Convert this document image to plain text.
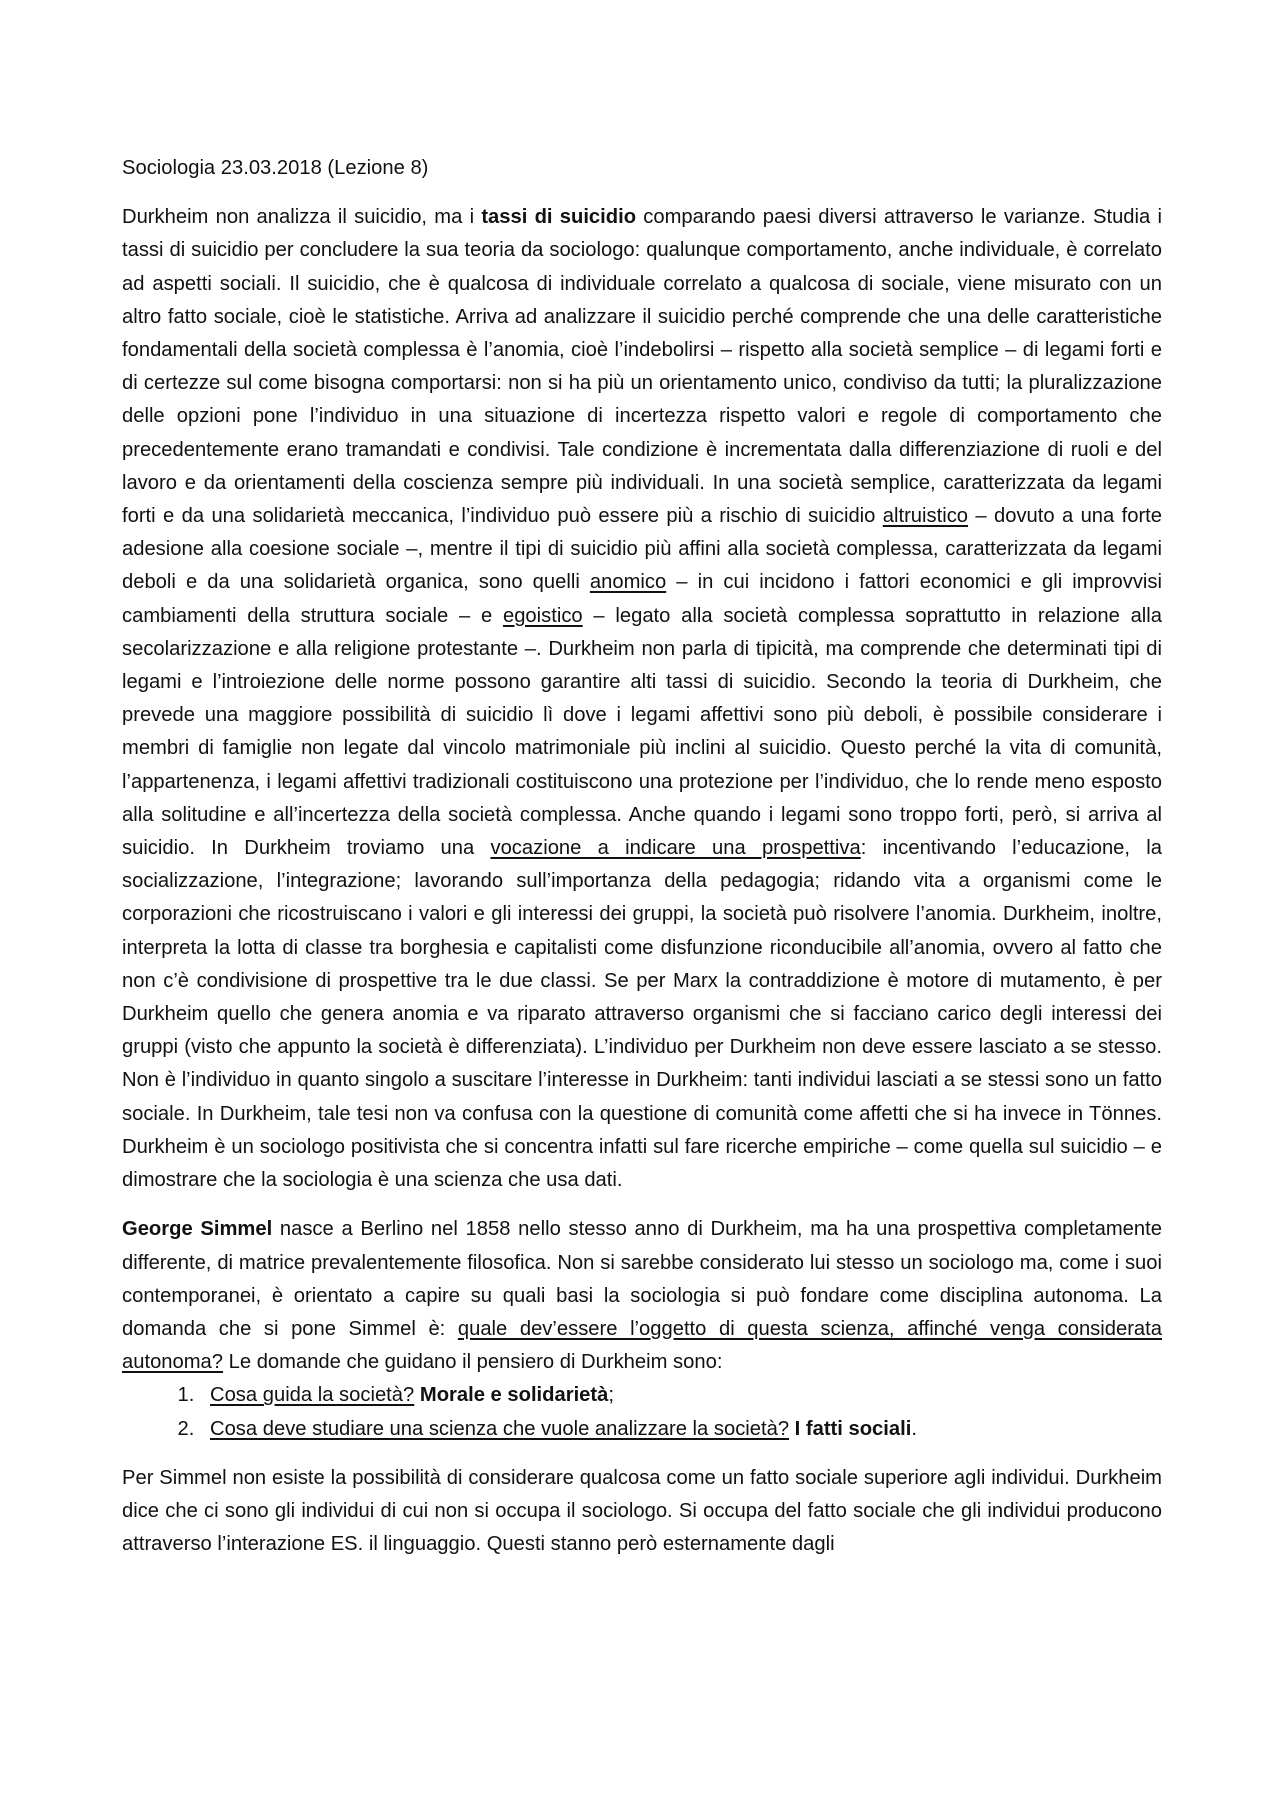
Sociologia 23.03.2018 (Lezione 8)

Durkheim non analizza il suicidio, ma i tassi di suicidio comparando paesi diversi attraverso le varianze. Studia i tassi di suicidio per concludere la sua teoria da sociologo: qualunque comportamento, anche individuale, è correlato ad aspetti sociali. Il suicidio, che è qualcosa di individuale correlato a qualcosa di sociale, viene misurato con un altro fatto sociale, cioè le statistiche. Arriva ad analizzare il suicidio perché comprende che una delle caratteristiche fondamentali della società complessa è l’anomia, cioè l’indebolirsi – rispetto alla società semplice – di legami forti e di certezze sul come bisogna comportarsi: non si ha più un orientamento unico, condiviso da tutti; la pluralizzazione delle opzioni pone l’individuo in una situazione di incertezza rispetto valori e regole di comportamento che precedentemente erano tramandati e condivisi. Tale condizione è incrementata dalla differenziazione di ruoli e del lavoro e da orientamenti della coscienza sempre più individuali. In una società semplice, caratterizzata da legami forti e da una solidarietà meccanica, l’individuo può essere più a rischio di suicidio altruistico – dovuto a una forte adesione alla coesione sociale –, mentre il tipi di suicidio più affini alla società complessa, caratterizzata da legami deboli e da una solidarietà organica, sono quelli anomico – in cui incidono i fattori economici e gli improvvisi cambiamenti della struttura sociale – e egoistico – legato alla società complessa soprattutto in relazione alla secolarizzazione e alla religione protestante –. Durkheim non parla di tipicità, ma comprende che determinati tipi di legami e l’introiezione delle norme possono garantire alti tassi di suicidio. Secondo la teoria di Durkheim, che prevede una maggiore possibilità di suicidio lì dove i legami affettivi sono più deboli, è possibile considerare i membri di famiglie non legate dal vincolo matrimoniale più inclini al suicidio. Questo perché la vita di comunità, l’appartenenza, i legami affettivi tradizionali costituiscono una protezione per l’individuo, che lo rende meno esposto alla solitudine e all’incertezza della società complessa. Anche quando i legami sono troppo forti, però, si arriva al suicidio. In Durkheim troviamo una vocazione a indicare una prospettiva: incentivando l’educazione, la socializzazione, l’integrazione; lavorando sull’importanza della pedagogia; ridando vita a organismi come le corporazioni che ricostruiscano i valori e gli interessi dei gruppi, la società può risolvere l’anomia. Durkheim, inoltre, interpreta la lotta di classe tra borghesia e capitalisti come disfunzione riconducibile all’anomia, ovvero al fatto che non c’è condivisione di prospettive tra le due classi. Se per Marx la contraddizione è motore di mutamento, è per Durkheim quello che genera anomia e va riparato attraverso organismi che si facciano carico degli interessi dei gruppi (visto che appunto la società è differenziata). L’individuo per Durkheim non deve essere lasciato a se stesso. Non è l’individuo in quanto singolo a suscitare l’interesse in Durkheim: tanti individui lasciati a se stessi sono un fatto sociale. In Durkheim, tale tesi non va confusa con la questione di comunità come affetti che si ha invece in Tönnes. Durkheim è un sociologo positivista che si concentra infatti sul fare ricerche empiriche – come quella sul suicidio – e dimostrare che la sociologia è una scienza che usa dati.

George Simmel nasce a Berlino nel 1858 nello stesso anno di Durkheim, ma ha una prospettiva completamente differente, di matrice prevalentemente filosofica. Non si sarebbe considerato lui stesso un sociologo ma, come i suoi contemporanei, è orientato a capire su quali basi la sociologia si può fondare come disciplina autonoma. La domanda che si pone Simmel è: quale dev’essere l’oggetto di questa scienza, affinché venga considerata autonoma? Le domande che guidano il pensiero di Durkheim sono:

1. Cosa guida la società? Morale e solidarietà;
2. Cosa deve studiare una scienza che vuole analizzare la società? I fatti sociali.

Per Simmel non esiste la possibilità di considerare qualcosa come un fatto sociale superiore agli individui. Durkheim dice che ci sono gli individui di cui non si occupa il sociologo. Si occupa del fatto sociale che gli individui producono attraverso l’interazione ES. il linguaggio. Questi stanno però esternamente dagli
